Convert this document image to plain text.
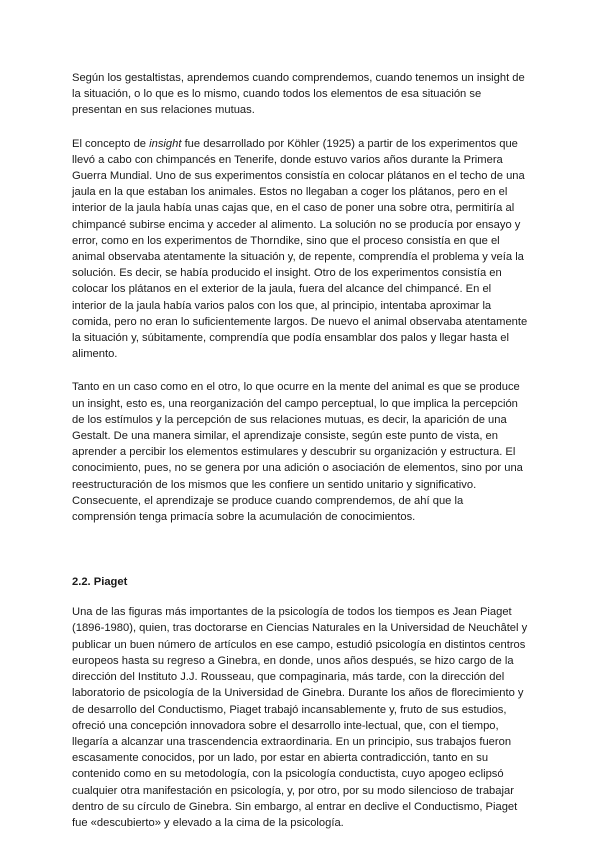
Según los gestaltistas, aprendemos cuando comprendemos, cuando tenemos un insight de la situación, o lo que es lo mismo, cuando todos los elementos de esa situación se presentan en sus relaciones mutuas.

El concepto de insight fue desarrollado por Köhler (1925) a partir de los experimentos que llevó a cabo con chimpancés en Tenerife, donde estuvo varios años durante la Primera Guerra Mundial. Uno de sus experimentos consistía en colocar plátanos en el techo de una jaula en la que estaban los animales. Estos no llegaban a coger los plátanos, pero en el interior de la jaula había unas cajas que, en el caso de poner una sobre otra, permitiría al chimpancé subirse encima y acceder al alimento. La solución no se producía por ensayo y error, como en los experimentos de Thorndike, sino que el proceso consistía en que el animal observaba atentamente la situación y, de repente, comprendía el problema y veía la solución. Es decir, se había producido el insight. Otro de los experimentos consistía en colocar los plátanos en el exterior de la jaula, fuera del alcance del chimpancé. En el interior de la jaula había varios palos con los que, al principio, intentaba aproximar la comida, pero no eran lo suficientemente largos. De nuevo el animal observaba atentamente la situación y, súbitamente, comprendía que podía ensamblar dos palos y llegar hasta el alimento.

Tanto en un caso como en el otro, lo que ocurre en la mente del animal es que se produce un insight, esto es, una reorganización del campo perceptual, lo que implica la percepción de los estímulos y la percepción de sus relaciones mutuas, es decir, la aparición de una Gestalt. De una manera similar, el aprendizaje consiste, según este punto de vista, en aprender a percibir los elementos estimulares y descubrir su organización y estructura. El conocimiento, pues, no se genera por una adición o asociación de elementos, sino por una reestructuración de los mismos que les confiere un sentido unitario y significativo. Consecuente, el aprendizaje se produce cuando comprendemos, de ahí que la comprensión tenga primacía sobre la acumulación de conocimientos.

2.2. Piaget

Una de las figuras más importantes de la psicología de todos los tiempos es Jean Piaget (1896-1980), quien, tras doctorarse en Ciencias Naturales en la Universidad de Neuchâtel y publicar un buen número de artículos en ese campo, estudió psicología en distintos centros europeos hasta su regreso a Ginebra, en donde, unos años después, se hizo cargo de la dirección del Instituto J.J. Rousseau, que compaginaria, más tarde, con la dirección del laboratorio de psicología de la Universidad de Ginebra. Durante los años de florecimiento y de desarrollo del Conductismo, Piaget trabajó incansablemente y, fruto de sus estudios, ofreció una concepción innovadora sobre el desarrollo inte-lectual, que, con el tiempo, llegaría a alcanzar una trascendencia extraordinaria. En un principio, sus trabajos fueron escasamente conocidos, por un lado, por estar en abierta contradicción, tanto en su contenido como en su metodología, con la psicología conductista, cuyo apogeo eclipsó cualquier otra manifestación en psicología, y, por otro, por su modo silencioso de trabajar dentro de su círculo de Ginebra. Sin embargo, al entrar en declive el Conductismo, Piaget fue «descubierto» y elevado a la cima de la psicología.
